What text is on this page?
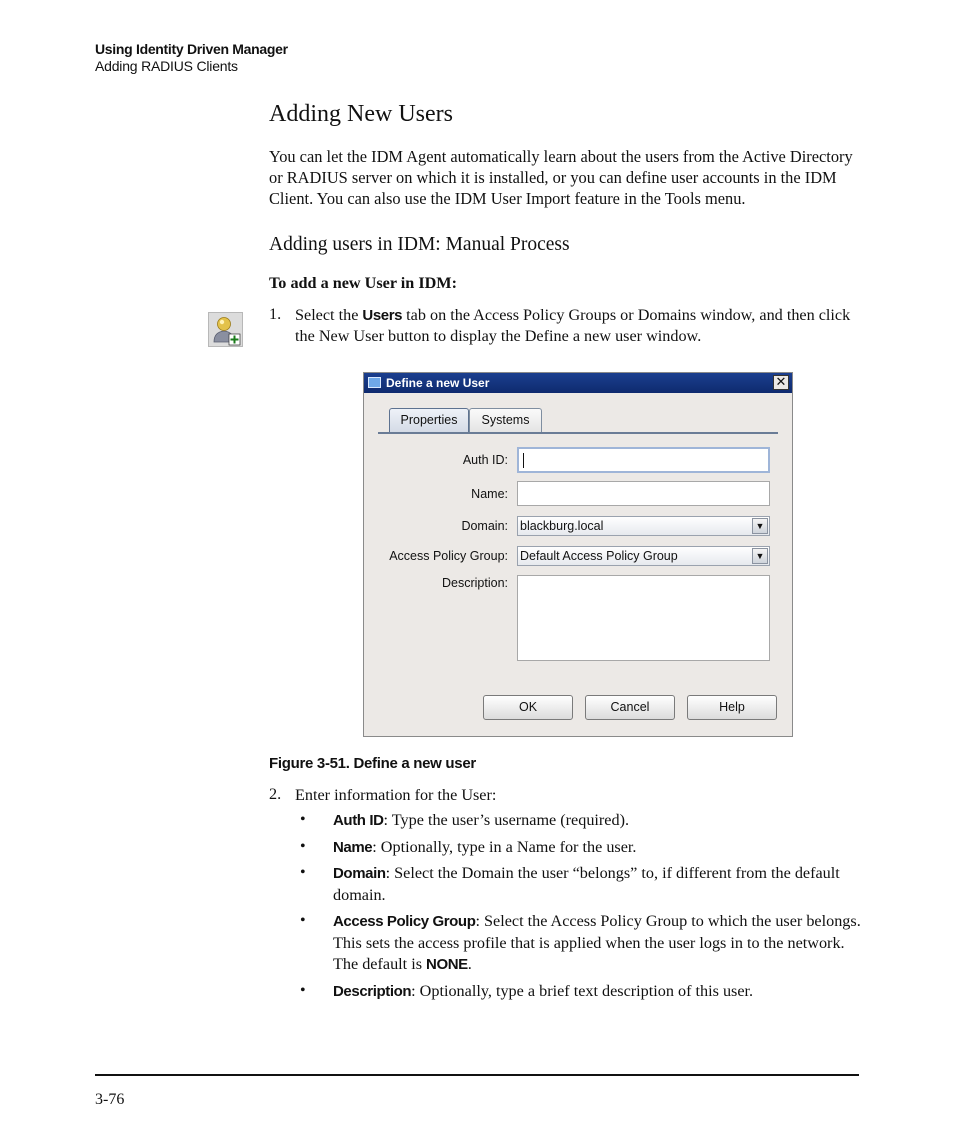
Using Identity Driven Manager
Adding RADIUS Clients
Adding New Users
You can let the IDM Agent automatically learn about the users from the Active Directory or RADIUS server on which it is installed, or you can define user accounts in the IDM Client. You can also use the IDM User Import feature in the Tools menu.
Adding users in IDM: Manual Process
To add a new User in IDM:
1. Select the Users tab on the Access Policy Groups or Domains window, and then click the New User button to display the Define a new user window.
Define a new User	✕
Properties	Systems
Auth ID:
Name:
Domain: blackburg.local	▼
Access Policy Group: Default Access Policy Group	▼
Description:
OK	Cancel	Help
Figure 3-51. Define a new user
2. Enter information for the User:
• Auth ID: Type the user’s username (required).
• Name: Optionally, type in a Name for the user.
• Domain: Select the Domain the user “belongs” to, if different from the default domain.
• Access Policy Group: Select the Access Policy Group to which the user belongs. This sets the access profile that is applied when the user logs in to the network. The default is NONE.
• Description: Optionally, type a brief text description of this user.
3-76
